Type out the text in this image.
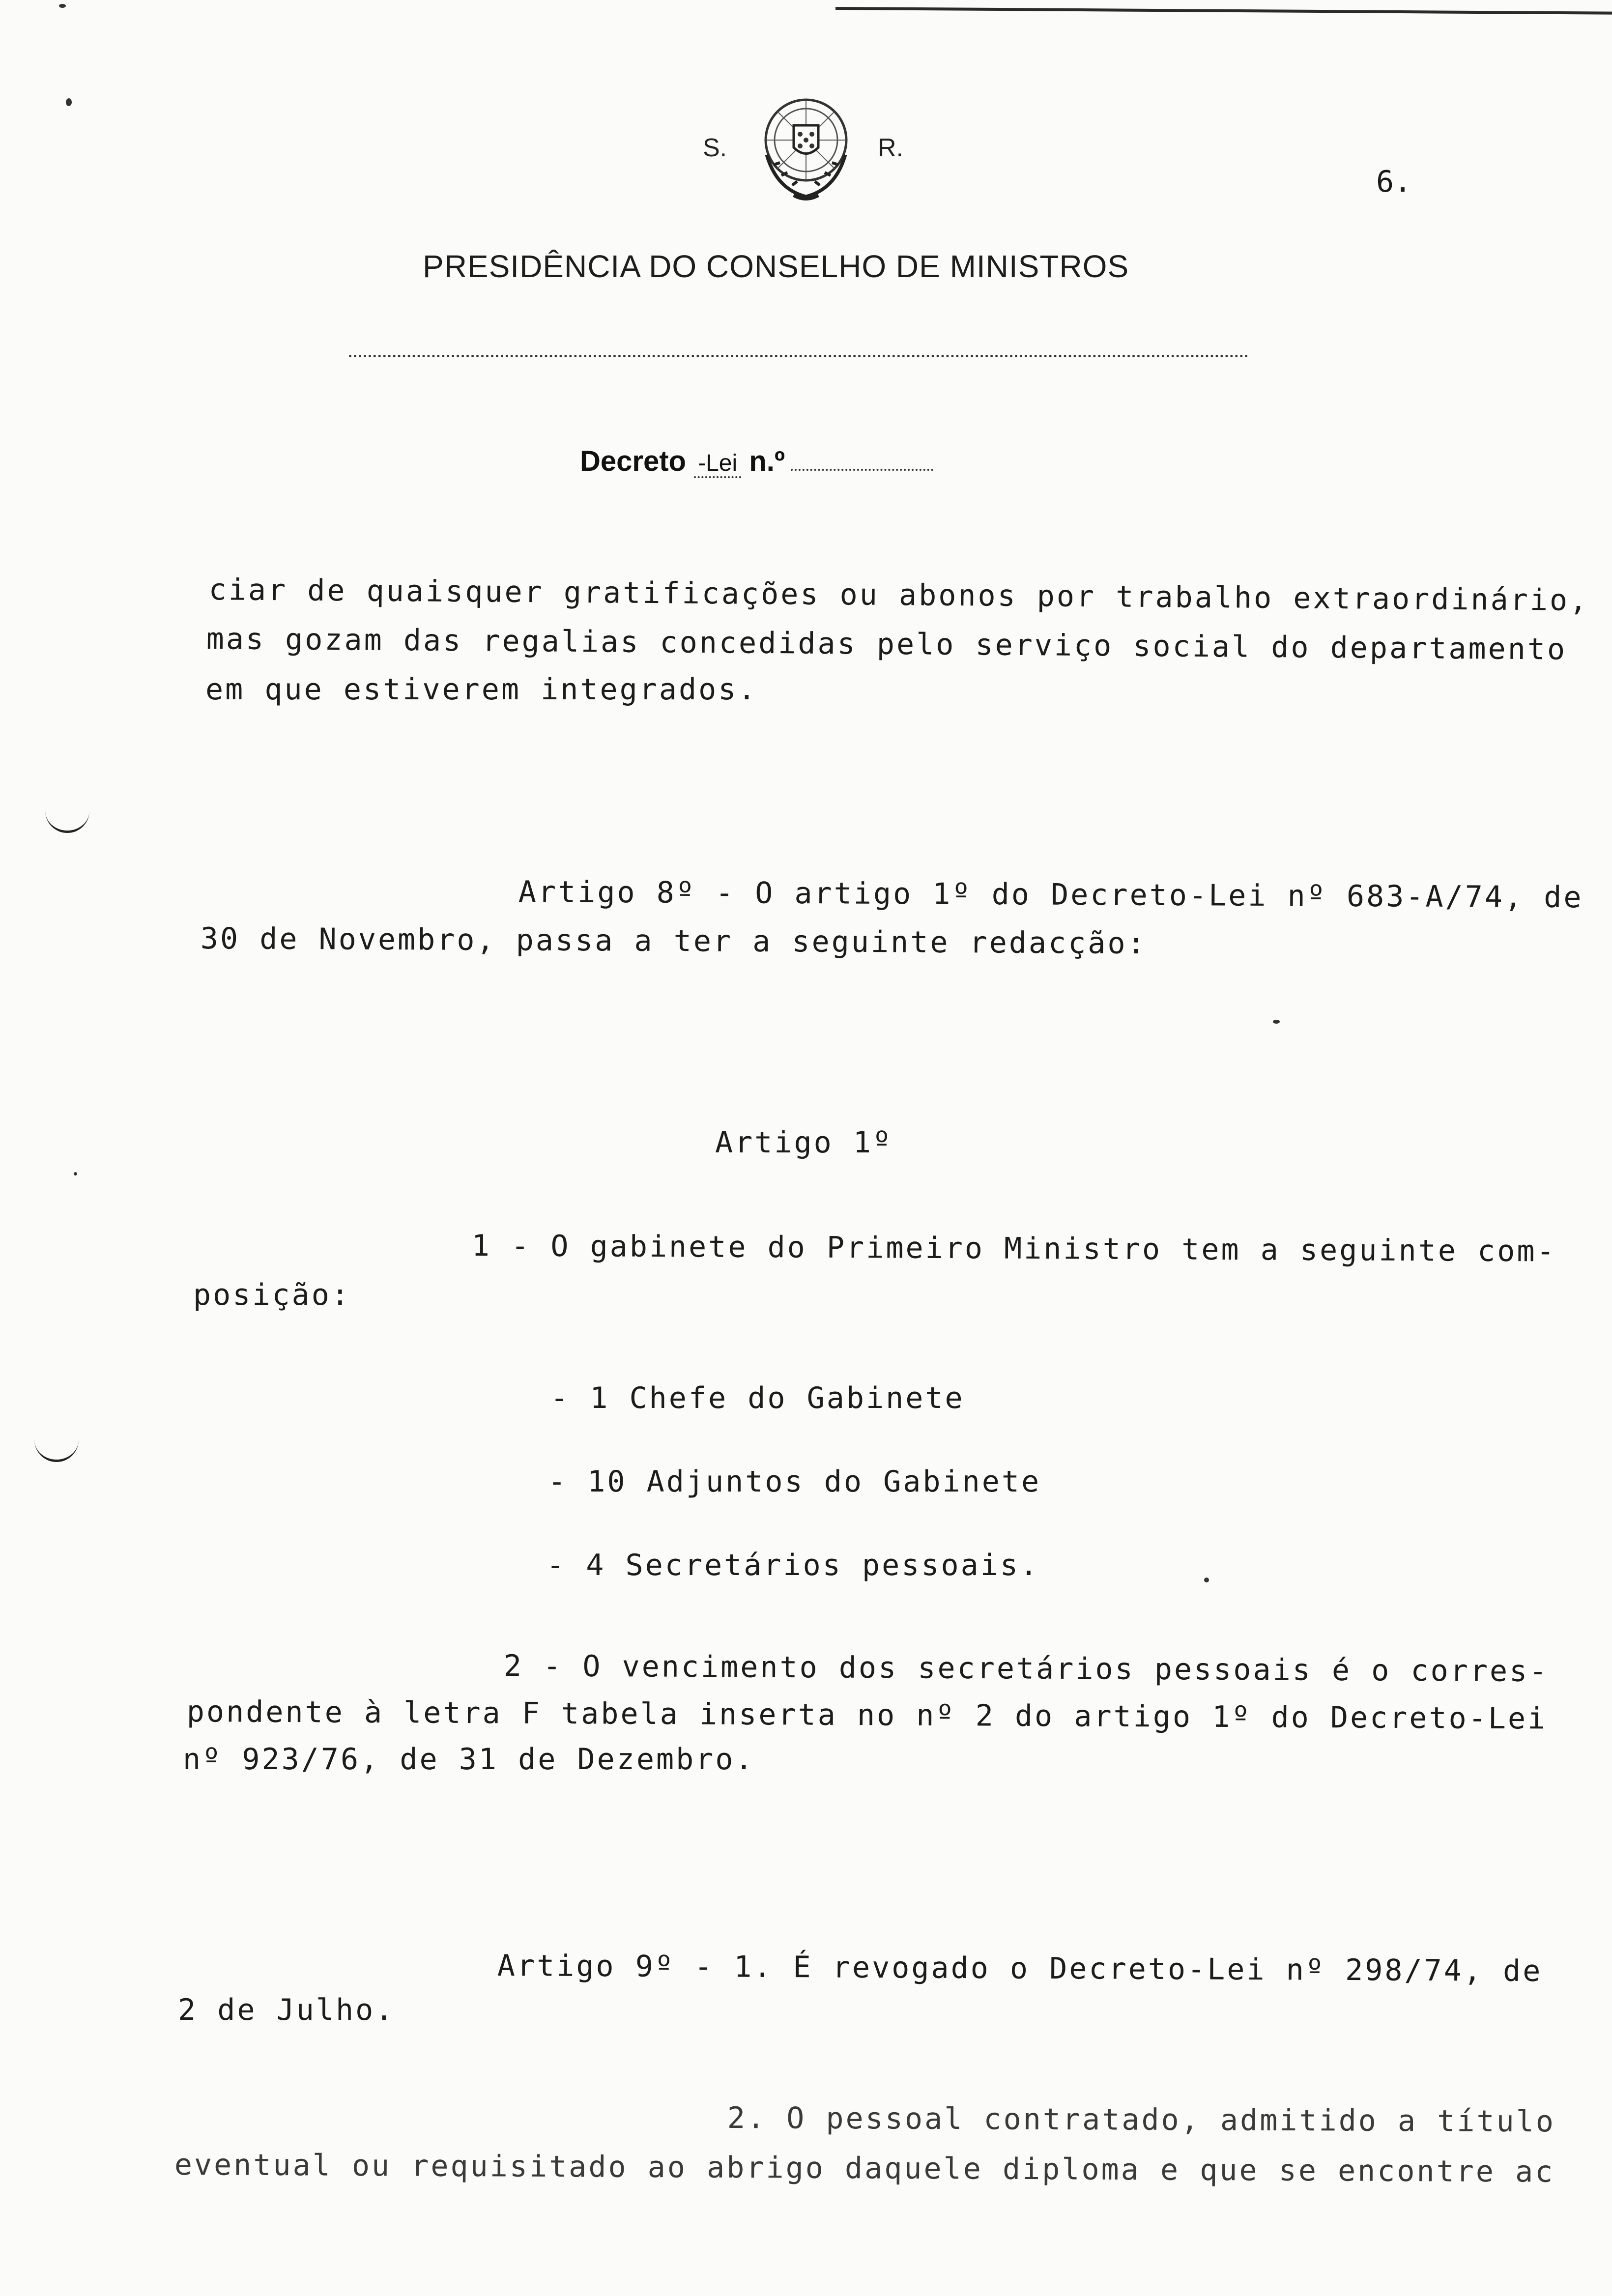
S.	R.
6.
PRESIDÊNCIA DO CONSELHO DE MINISTROS
Decreto -Lei n.º
ciar de quaisquer gratificações ou abonos por trabalho extraordinário,
mas gozam das regalias concedidas pelo serviço social do departamento
em que estiverem integrados.
Artigo 8º - O artigo 1º do Decreto-Lei nº 683-A/74, de
30 de Novembro, passa a ter a seguinte redacção:
Artigo 1º
1 - O gabinete do Primeiro Ministro tem a seguinte com-
posição:
- 1 Chefe do Gabinete
- 10 Adjuntos do Gabinete
- 4 Secretários pessoais.
2 - O vencimento dos secretários pessoais é o corres-
pondente à letra F tabela inserta no nº 2 do artigo 1º do Decreto-Lei
nº 923/76, de 31 de Dezembro.
Artigo 9º - 1. É revogado o Decreto-Lei nº 298/74, de
2 de Julho.
2. O pessoal contratado, admitido a título
eventual ou requisitado ao abrigo daquele diploma e que se encontre ac
